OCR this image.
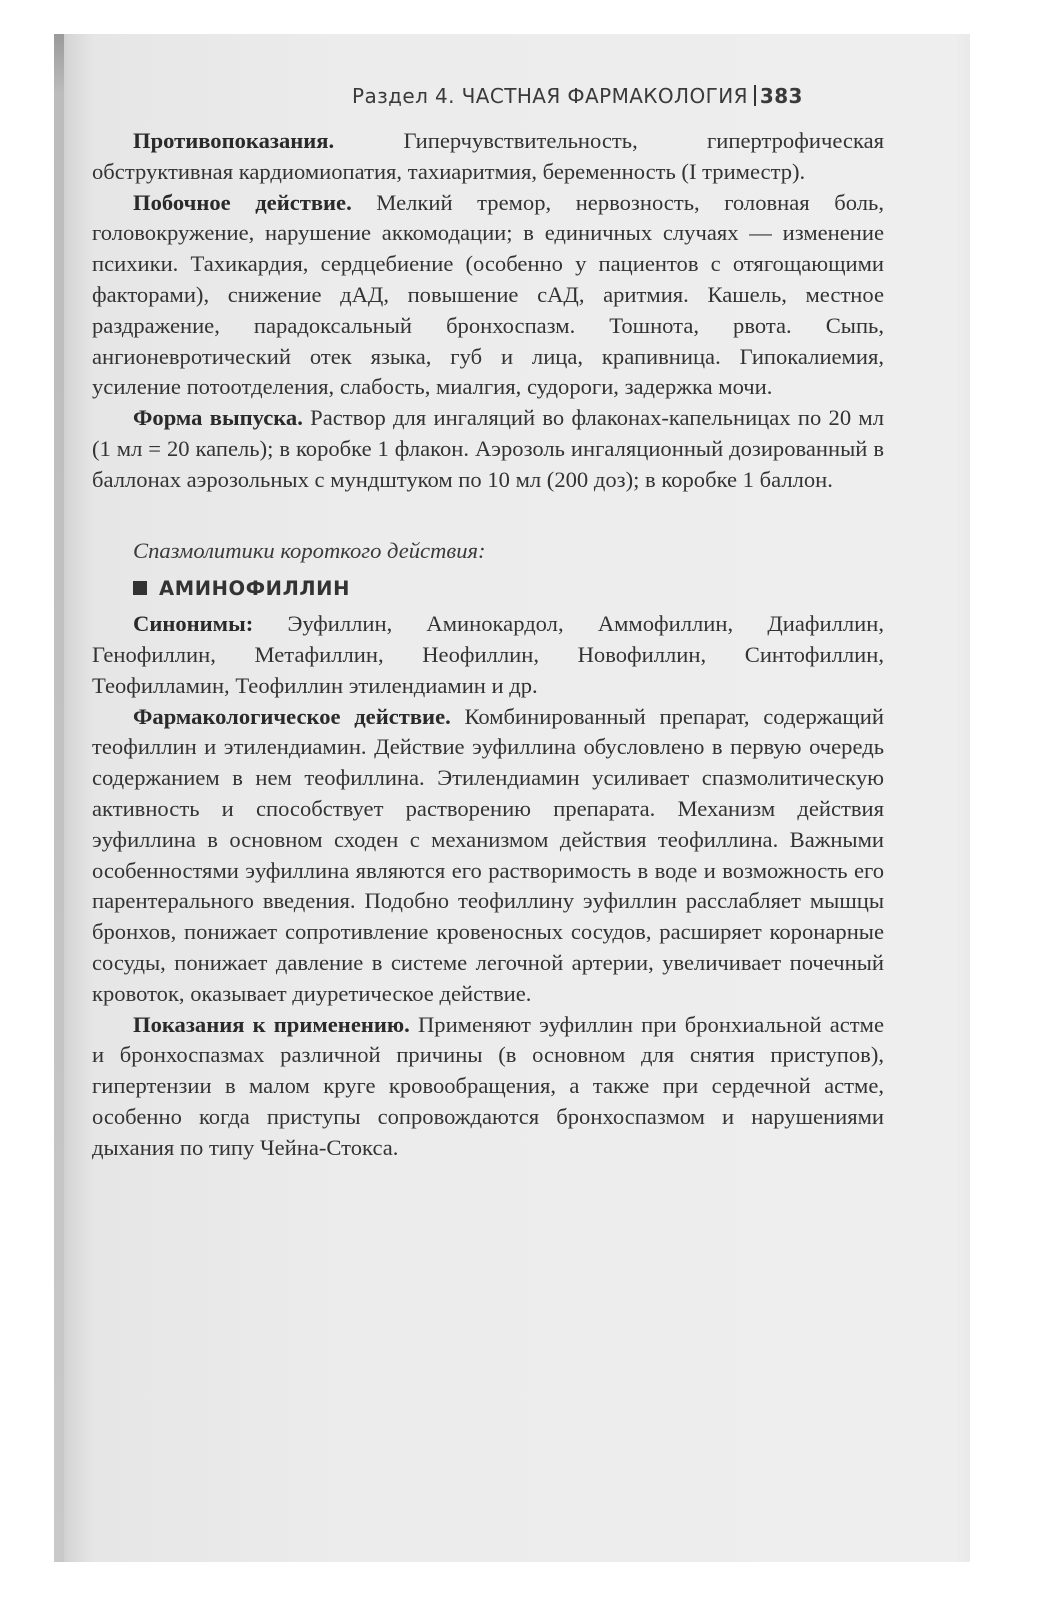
Раздел 4. ЧАСТНАЯ ФАРМАКОЛОГИЯ 383

Противопоказания. Гиперчувствительность, гипертрофическая обструктивная кардиомиопатия, тахиаритмия, беременность (I триместр).

Побочное действие. Мелкий тремор, нервозность, головная боль, головокружение, нарушение аккомодации; в единичных случаях — изменение психики. Тахикардия, сердцебиение (особенно у пациентов с отягощающими факторами), снижение дАД, повышение сАД, аритмия. Кашель, местное раздражение, парадоксальный бронхоспазм. Тошнота, рвота. Сыпь, ангионевротический отек языка, губ и лица, крапивница. Гипокалиемия, усиление потоотделения, слабость, миалгия, судороги, задержка мочи.

Форма выпуска. Раствор для ингаляций во флаконах-капельницах по 20 мл (1 мл = 20 капель); в коробке 1 флакон. Аэрозоль ингаляционный дозированный в баллонах аэрозольных с мундштуком по 10 мл (200 доз); в коробке 1 баллон.

Спазмолитики короткого действия:

АМИНОФИЛЛИН

Синонимы: Эуфиллин, Аминокардол, Аммофиллин, Диафиллин, Генофиллин, Метафиллин, Неофиллин, Новофиллин, Синтофиллин, Теофилламин, Теофиллин этилендиамин и др.

Фармакологическое действие. Комбинированный препарат, содержащий теофиллин и этилендиамин. Действие эуфиллина обусловлено в первую очередь содержанием в нем теофиллина. Этилендиамин усиливает спазмолитическую активность и способствует растворению препарата. Механизм действия эуфиллина в основном сходен с механизмом действия теофиллина. Важными особенностями эуфиллина являются его растворимость в воде и возможность его парентерального введения. Подобно теофиллину эуфиллин расслабляет мышцы бронхов, понижает сопротивление кровеносных сосудов, расширяет коронарные сосуды, понижает давление в системе легочной артерии, увеличивает почечный кровоток, оказывает диуретическое действие.

Показания к применению. Применяют эуфиллин при бронхиальной астме и бронхоспазмах различной причины (в основном для снятия приступов), гипертензии в малом круге кровообращения, а также при сердечной астме, особенно когда приступы сопровождаются бронхоспазмом и нарушениями дыхания по типу Чейна-Стокса.
